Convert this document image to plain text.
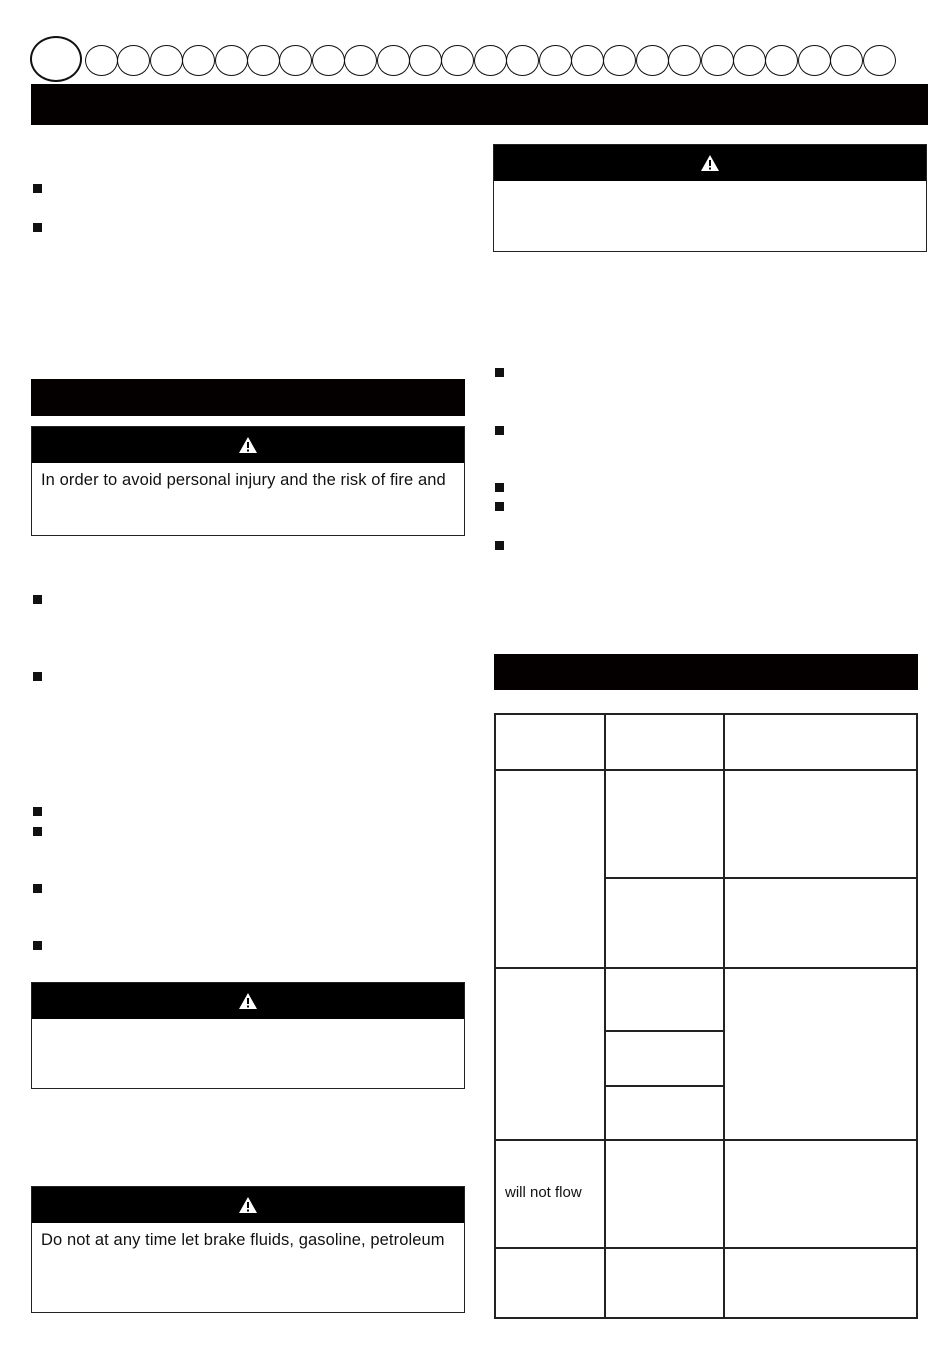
In order to avoid personal injury and the risk of fire and
Do not at any time let brake fluids, gasoline, petroleum
will not flow
